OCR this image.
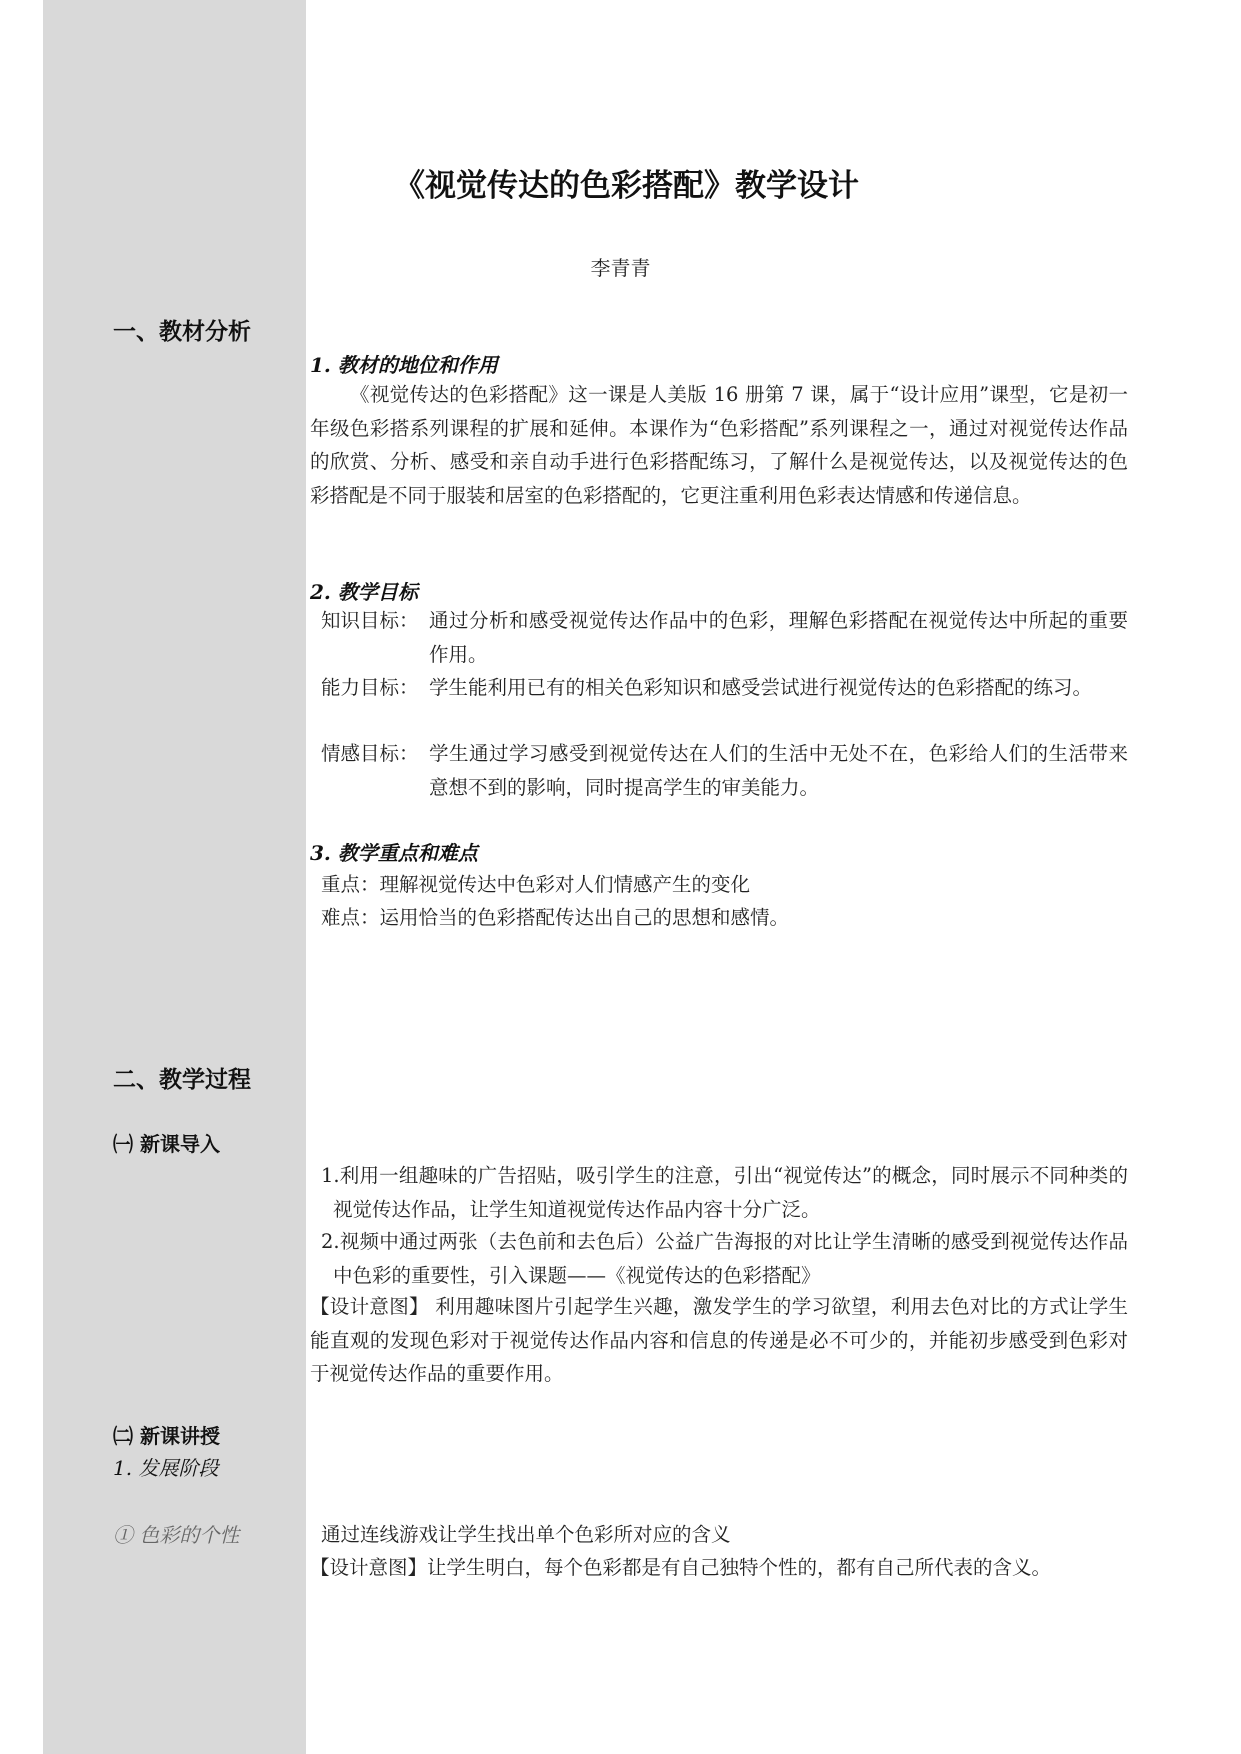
《视觉传达的色彩搭配》教学设计
李青青
一、教材分析
1. 教材的地位和作用
《视觉传达的色彩搭配》这一课是人美版 16 册第 7 课，属于“设计应用”课型，它是初一年级色彩搭系列课程的扩展和延伸。本课作为“色彩搭配”系列课程之一，通过对视觉传达作品的欣赏、分析、感受和亲自动手进行色彩搭配练习，了解什么是视觉传达，以及视觉传达的色彩搭配是不同于服装和居室的色彩搭配的，它更注重利用色彩表达情感和传递信息。
2. 教学目标
知识目标： 通过分析和感受视觉传达作品中的色彩，理解色彩搭配在视觉传达中所起的重要作用。
能力目标： 学生能利用已有的相关色彩知识和感受尝试进行视觉传达的色彩搭配的练习。
情感目标： 学生通过学习感受到视觉传达在人们的生活中无处不在，色彩给人们的生活带来意想不到的影响，同时提高学生的审美能力。
3. 教学重点和难点
重点：理解视觉传达中色彩对人们情感产生的变化
难点：运用恰当的色彩搭配传达出自己的思想和感情。
二、教学过程
㈠ 新课导入
1.利用一组趣味的广告招贴，吸引学生的注意，引出“视觉传达”的概念，同时展示不同种类的视觉传达作品，让学生知道视觉传达作品内容十分广泛。
2.视频中通过两张（去色前和去色后）公益广告海报的对比让学生清晰的感受到视觉传达作品中色彩的重要性，引入课题——《视觉传达的色彩搭配》
【设计意图】 利用趣味图片引起学生兴趣，激发学生的学习欲望，利用去色对比的方式让学生能直观的发现色彩对于视觉传达作品内容和信息的传递是必不可少的，并能初步感受到色彩对于视觉传达作品的重要作用。
㈡ 新课讲授
1. 发展阶段
① 色彩的个性	通过连线游戏让学生找出单个色彩所对应的含义
【设计意图】让学生明白，每个色彩都是有自己独特个性的，都有自己所代表的含义。
